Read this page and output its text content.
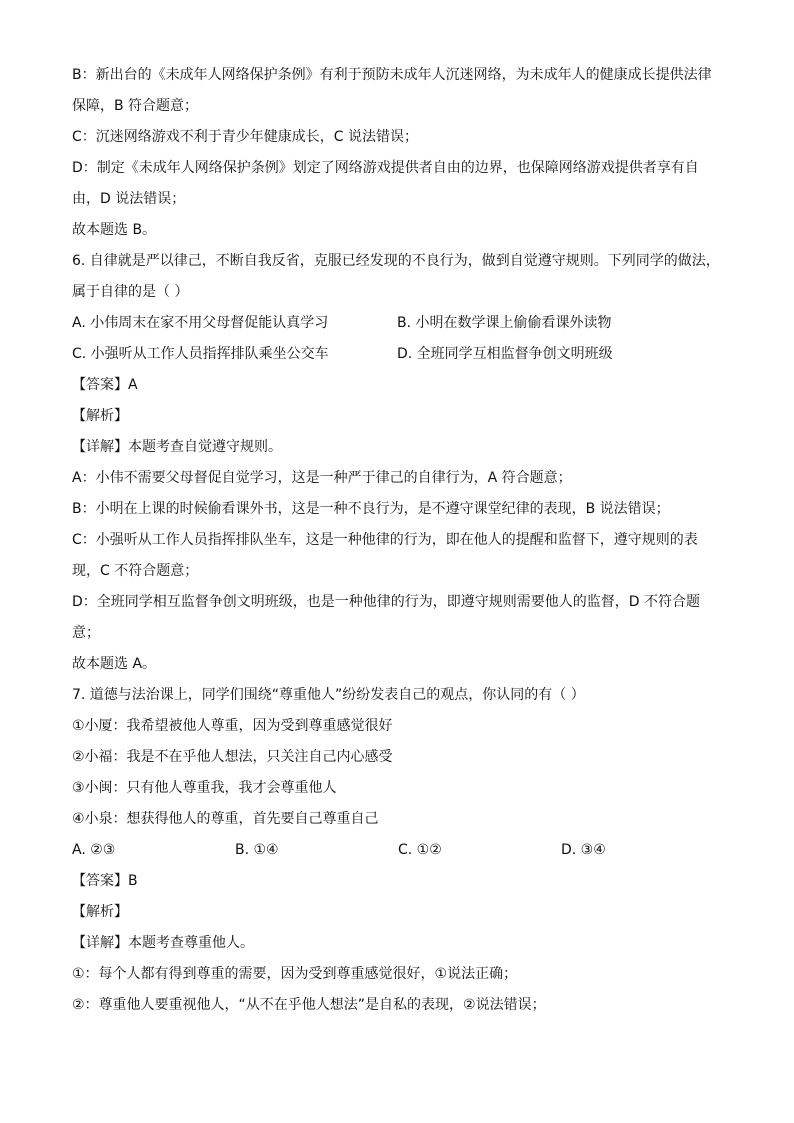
B：新出台的《未成年人网络保护条例》有利于预防未成年人沉迷网络，为未成年人的健康成长提供法律
保障，B 符合题意；
C：沉迷网络游戏不利于青少年健康成长，C 说法错误；
D：制定《未成年人网络保护条例》划定了网络游戏提供者自由的边界，也保障网络游戏提供者享有自
由，D 说法错误；
故本题选 B。
6. 自律就是严以律己，不断自我反省，克服已经发现的不良行为，做到自觉遵守规则。下列同学的做法，
属于自律的是（ ）
A. 小伟周末在家不用父母督促能认真学习	B. 小明在数学课上偷偷看课外读物
C. 小强听从工作人员指挥排队乘坐公交车	D. 全班同学互相监督争创文明班级
【答案】A
【解析】
【详解】本题考查自觉遵守规则。
A：小伟不需要父母督促自觉学习，这是一种严于律己的自律行为，A 符合题意；
B：小明在上课的时候偷看课外书，这是一种不良行为，是不遵守课堂纪律的表现，B 说法错误；
C：小强听从工作人员指挥排队坐车，这是一种他律的行为，即在他人的提醒和监督下，遵守规则的表
现，C 不符合题意；
D：全班同学相互监督争创文明班级，也是一种他律的行为，即遵守规则需要他人的监督，D 不符合题
意；
故本题选 A。
7. 道德与法治课上，同学们围绕“尊重他人”纷纷发表自己的观点，你认同的有（ ）
①小厦：我希望被他人尊重，因为受到尊重感觉很好
②小福：我是不在乎他人想法，只关注自己内心感受
③小闽：只有他人尊重我，我才会尊重他人
④小泉：想获得他人的尊重，首先要自己尊重自己
A. ②③	B. ①④	C. ①②	D. ③④
【答案】B
【解析】
【详解】本题考查尊重他人。
①：每个人都有得到尊重的需要，因为受到尊重感觉很好，①说法正确；
②：尊重他人要重视他人，“从不在乎他人想法”是自私的表现，②说法错误；
